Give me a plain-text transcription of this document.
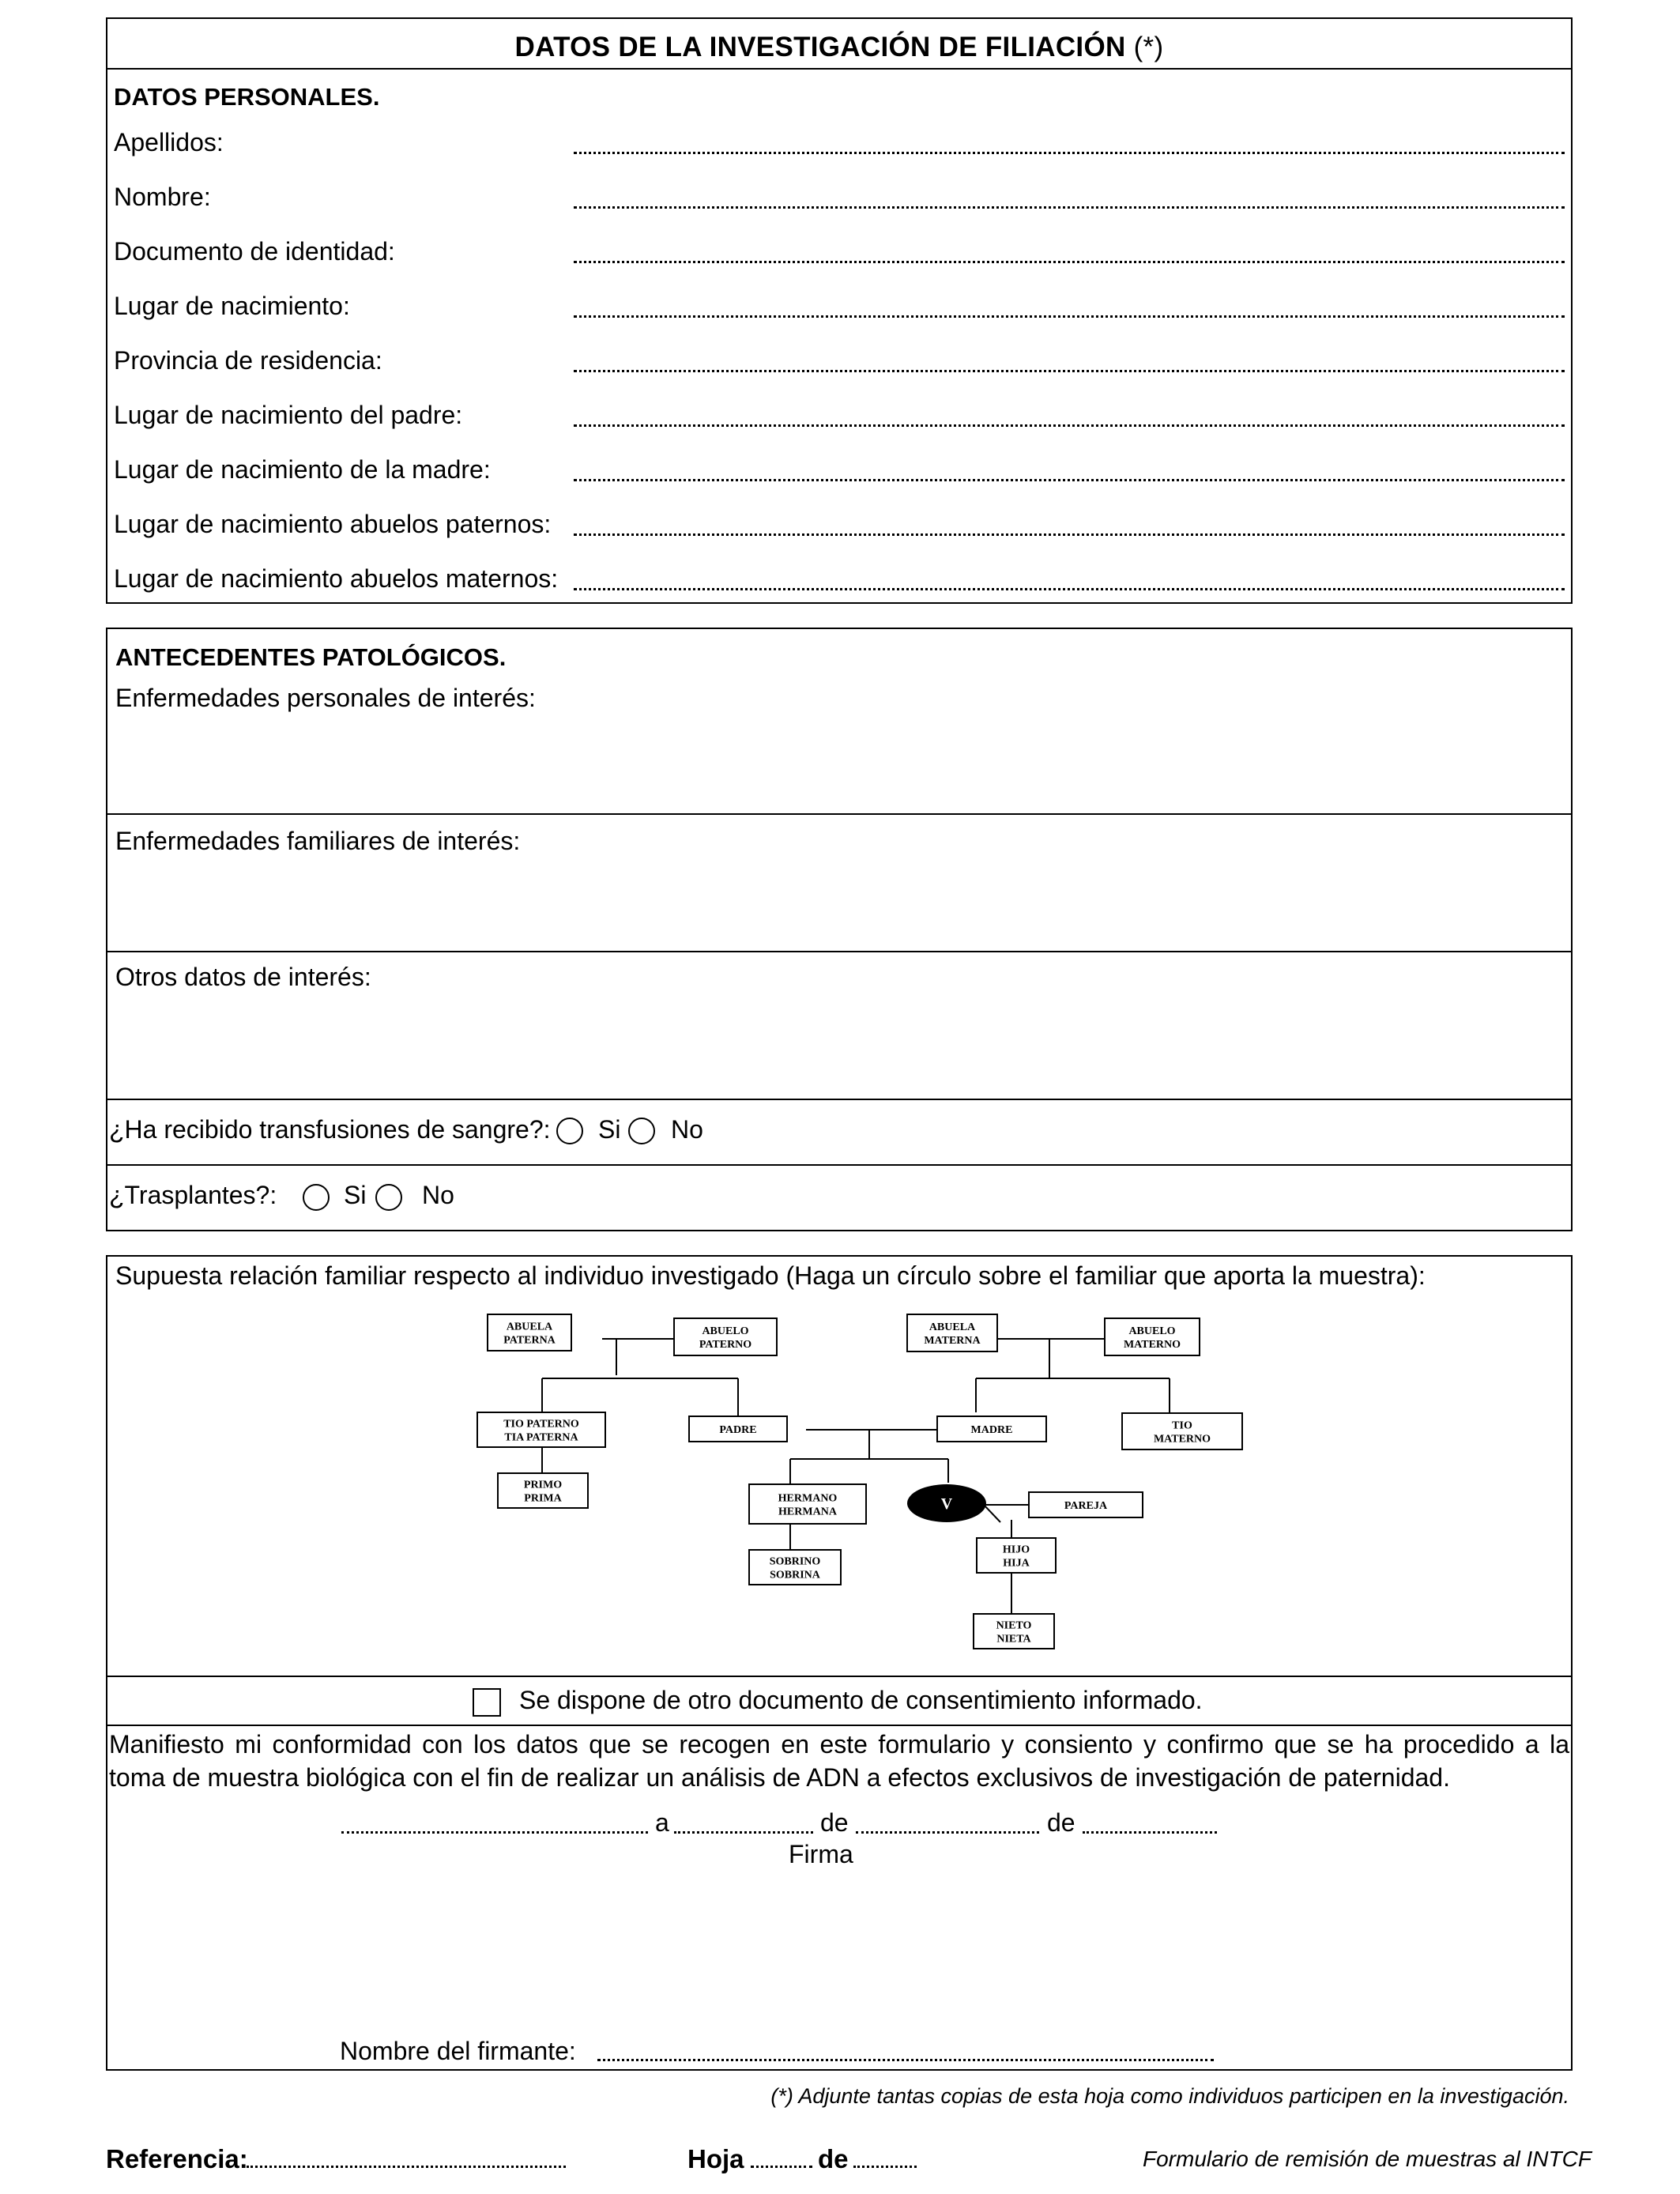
DATOS DE LA INVESTIGACIÓN DE FILIACIÓN (*)
DATOS PERSONALES.
Apellidos:
Nombre:
Documento de identidad:
Lugar de nacimiento:
Provincia de residencia:
Lugar de nacimiento del padre:
Lugar de nacimiento de la madre:
Lugar de nacimiento abuelos paternos:
Lugar de nacimiento abuelos maternos:
ANTECEDENTES PATOLÓGICOS.
Enfermedades personales de interés:
Enfermedades familiares de interés:
Otros datos de interés:
¿Ha recibido transfusiones de sangre?: Si No
¿Trasplantes?:	Si No
Supuesta relación familiar respecto al individuo investigado (Haga un círculo sobre el familiar que aporta la muestra):
ABUELA
PATERNA
ABUELO
PATERNO
ABUELA
MATERNA
ABUELO
MATERNO
TIO PATERNO
TIA PATERNA
PADRE	MADRE	TIO
MATERNO
PRIMO
PRIMA	HERMANO
HERMANA	PAREJA
SOBRINO
SOBRINA
HIJO
HIJA
NIETO
NIETA
V
Se dispone de otro documento de consentimiento informado.
Manifiesto mi conformidad con los datos que se recogen en este formulario y consiento y confirmo que se ha procedido a la
toma de muestra biológica con el fin de realizar un análisis de ADN a efectos exclusivos de investigación de paternidad.
a	de	de
Firma
Nombre del firmante:
(*) Adjunte tantas copias de esta hoja como individuos participen en la investigación.
Referencia:	Hoja	de	Formulario de remisión de muestras al INTCF
